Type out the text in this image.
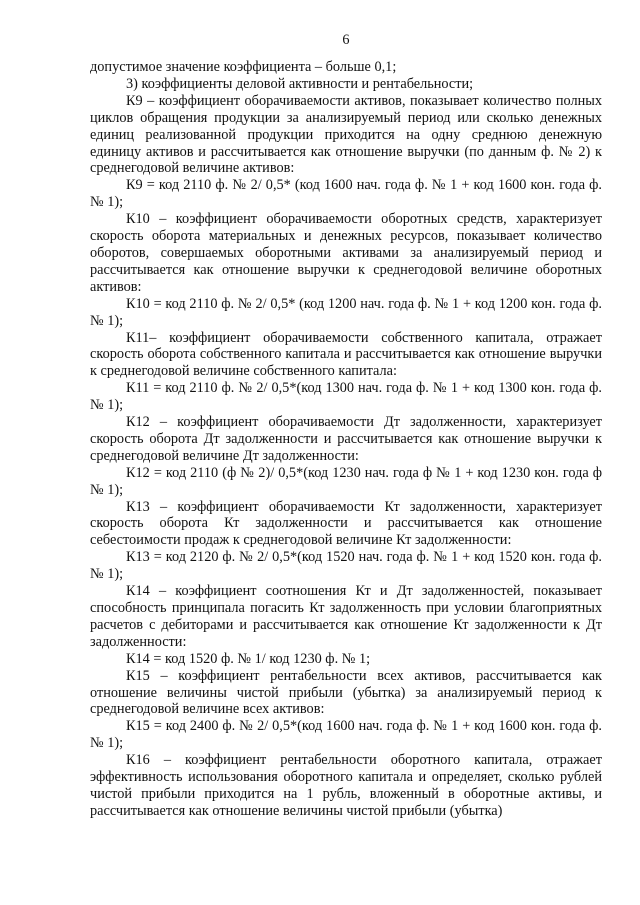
6

допустимое значение коэффициента – больше 0,1;

3) коэффициенты деловой активности и рентабельности;

К9 – коэффициент оборачиваемости активов, показывает количество полных циклов обращения продукции за анализируемый период или сколько денежных единиц реализованной продукции приходится на одну среднюю денежную единицу активов и рассчитывается как отношение выручки (по данным ф. № 2) к среднегодовой величине активов:

К9 = код 2110 ф. № 2/ 0,5* (код 1600 нач. года ф. № 1 + код 1600 кон. года ф. № 1);

К10 – коэффициент оборачиваемости оборотных средств, характеризует скорость оборота материальных и денежных ресурсов, показывает количество оборотов, совершаемых оборотными активами за анализируемый период и рассчитывается как отношение выручки к среднегодовой величине оборотных активов:

К10 = код 2110 ф. № 2/ 0,5* (код 1200 нач. года ф. № 1 + код 1200 кон. года ф. № 1);

К11– коэффициент оборачиваемости собственного капитала, отражает скорость оборота собственного капитала и рассчитывается как отношение выручки к среднегодовой величине собственного капитала:

К11 = код 2110 ф. № 2/ 0,5*(код 1300 нач. года ф. № 1 + код 1300 кон. года ф. № 1);

К12 – коэффициент оборачиваемости Дт задолженности, характеризует скорость оборота Дт задолженности и рассчитывается как отношение выручки к среднегодовой величине Дт задолженности:

К12 = код 2110 (ф № 2)/ 0,5*(код 1230 нач. года ф № 1 + код 1230 кон. года ф № 1);

К13 – коэффициент оборачиваемости Кт задолженности, характеризует скорость оборота Кт задолженности и рассчитывается как отношение себестоимости продаж к среднегодовой величине Кт задолженности:

К13 = код 2120 ф. № 2/ 0,5*(код 1520 нач. года ф. № 1 + код 1520 кон. года ф. № 1);

К14 – коэффициент соотношения Кт и Дт задолженностей, показывает способность принципала погасить Кт задолженность при условии благоприятных расчетов с дебиторами и рассчитывается как отношение Кт задолженности к Дт задолженности:

К14 = код 1520 ф. № 1/ код 1230 ф. № 1;

К15 – коэффициент рентабельности всех активов, рассчитывается как отношение величины чистой прибыли (убытка) за анализируемый период к среднегодовой величине всех активов:

К15 = код 2400 ф. № 2/ 0,5*(код 1600 нач. года ф. № 1 + код 1600 кон. года ф. № 1);

К16 – коэффициент рентабельности оборотного капитала, отражает эффективность использования оборотного капитала и определяет, сколько рублей чистой прибыли приходится на 1 рубль, вложенный в оборотные активы, и рассчитывается как отношение величины чистой прибыли (убытка)
